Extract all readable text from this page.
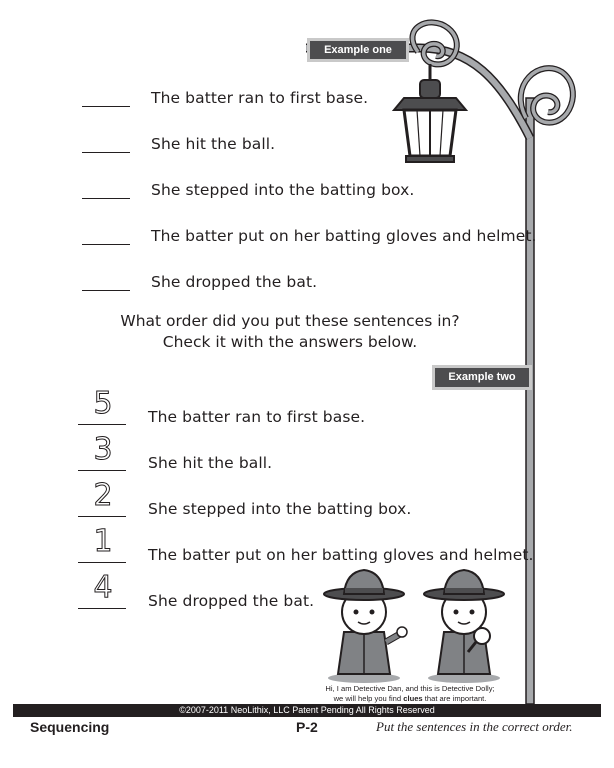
Example one
The batter ran to first base.
She hit the ball.
She stepped into the batting box.
The batter put on her batting gloves and helmet.
She dropped the bat.
What order did you put these sentences in?
Check it with the answers below.
Example two
5	The batter ran to first base.
3	She hit the ball.
2	She stepped into the batting box.
1	The batter put on her batting gloves and helmet.
4	She dropped the bat.
Hi, I am Detective Dan, and this is Detective Dolly;
we will help you find clues that are important.
©2007-2011 NeoLithix, LLC Patent Pending All Rights Reserved
Sequencing	P-2	Put the sentences in the correct order.
